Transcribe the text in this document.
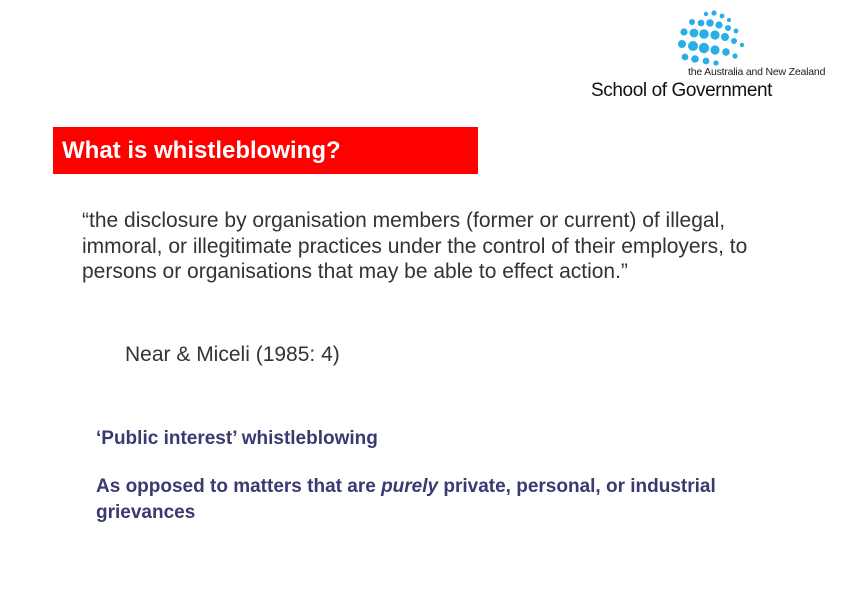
the Australia and New Zealand
School of Government
What is whistleblowing?

“the disclosure by organisation members (former or current) of illegal, immoral, or illegitimate practices under the control of their employers, to persons or organisations that may be able to effect action.”

Near & Miceli (1985: 4)
‘Public interest’ whistleblowing

As opposed to matters that are purely private, personal, or industrial grievances
